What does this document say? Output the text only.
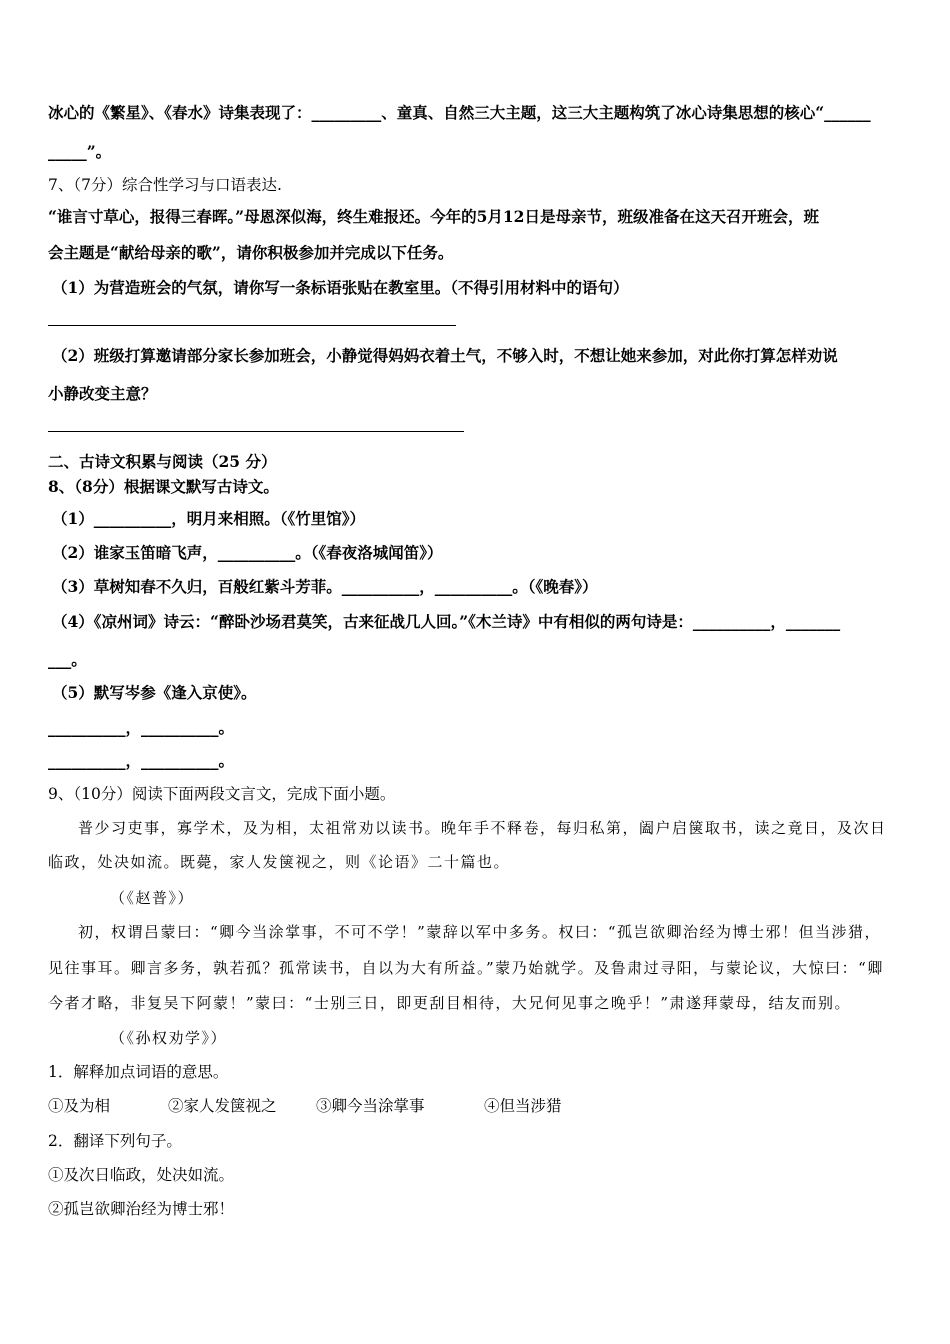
冰心的《繁星》、《春水》诗集表现了：_________、童真、自然三大主题，这三大主题构筑了冰心诗集思想的核心“______
_____”。
7、（7分）综合性学习与口语表达.
“谁言寸草心，报得三春晖。”母恩深似海，终生难报还。今年的5月12日是母亲节，班级准备在这天召开班会，班
会主题是“献给母亲的歌”，请你积极参加并完成以下任务。
（1）为营造班会的气氛，请你写一条标语张贴在教室里。（不得引用材料中的语句）
（2）班级打算邀请部分家长参加班会，小静觉得妈妈衣着土气，不够入时，不想让她来参加，对此你打算怎样劝说
小静改变主意？
二、古诗文积累与阅读（25 分）
8、（8分）根据课文默写古诗文。
（1）__________，明月来相照。（《竹里馆》）
（2）谁家玉笛暗飞声，__________。（《春夜洛城闻笛》）
（3）草树知春不久归，百般红紫斗芳菲。__________，__________。（《晚春》）
（4）《凉州词》诗云：“醉卧沙场君莫笑，古来征战几人回。”《木兰诗》中有相似的两句诗是：__________，_______
___。
（5）默写岑参《逢入京使》。
__________，__________。
__________，__________。
9、（10分）阅读下面两段文言文，完成下面小题。
普少习吏事，寡学术，及为相，太祖常劝以读书。晚年手不释卷，每归私第，阖户启箧取书，读之竟日，及次日
临政，处决如流。既薨，家人发箧视之，则《论语》二十篇也。
（《赵普》）
初，权谓吕蒙曰：“卿今当涂掌事，不可不学！”蒙辞以军中多务。权曰：“孤岂欲卿治经为博士邪！但当涉猎，
见往事耳。卿言多务，孰若孤？孤常读书，自以为大有所益。”蒙乃始就学。及鲁肃过寻阳，与蒙论议，大惊曰：“卿
今者才略，非复吴下阿蒙！”蒙曰：“士别三日，即更刮目相待，大兄何见事之晚乎！”肃遂拜蒙母，结友而别。
（《孙权劝学》）
1．解释加点词语的意思。
①及为相	②家人发箧视之	③卿今当涂掌事	④但当涉猎
2．翻译下列句子。
①及次日临政，处决如流。
②孤岂欲卿治经为博士邪！
